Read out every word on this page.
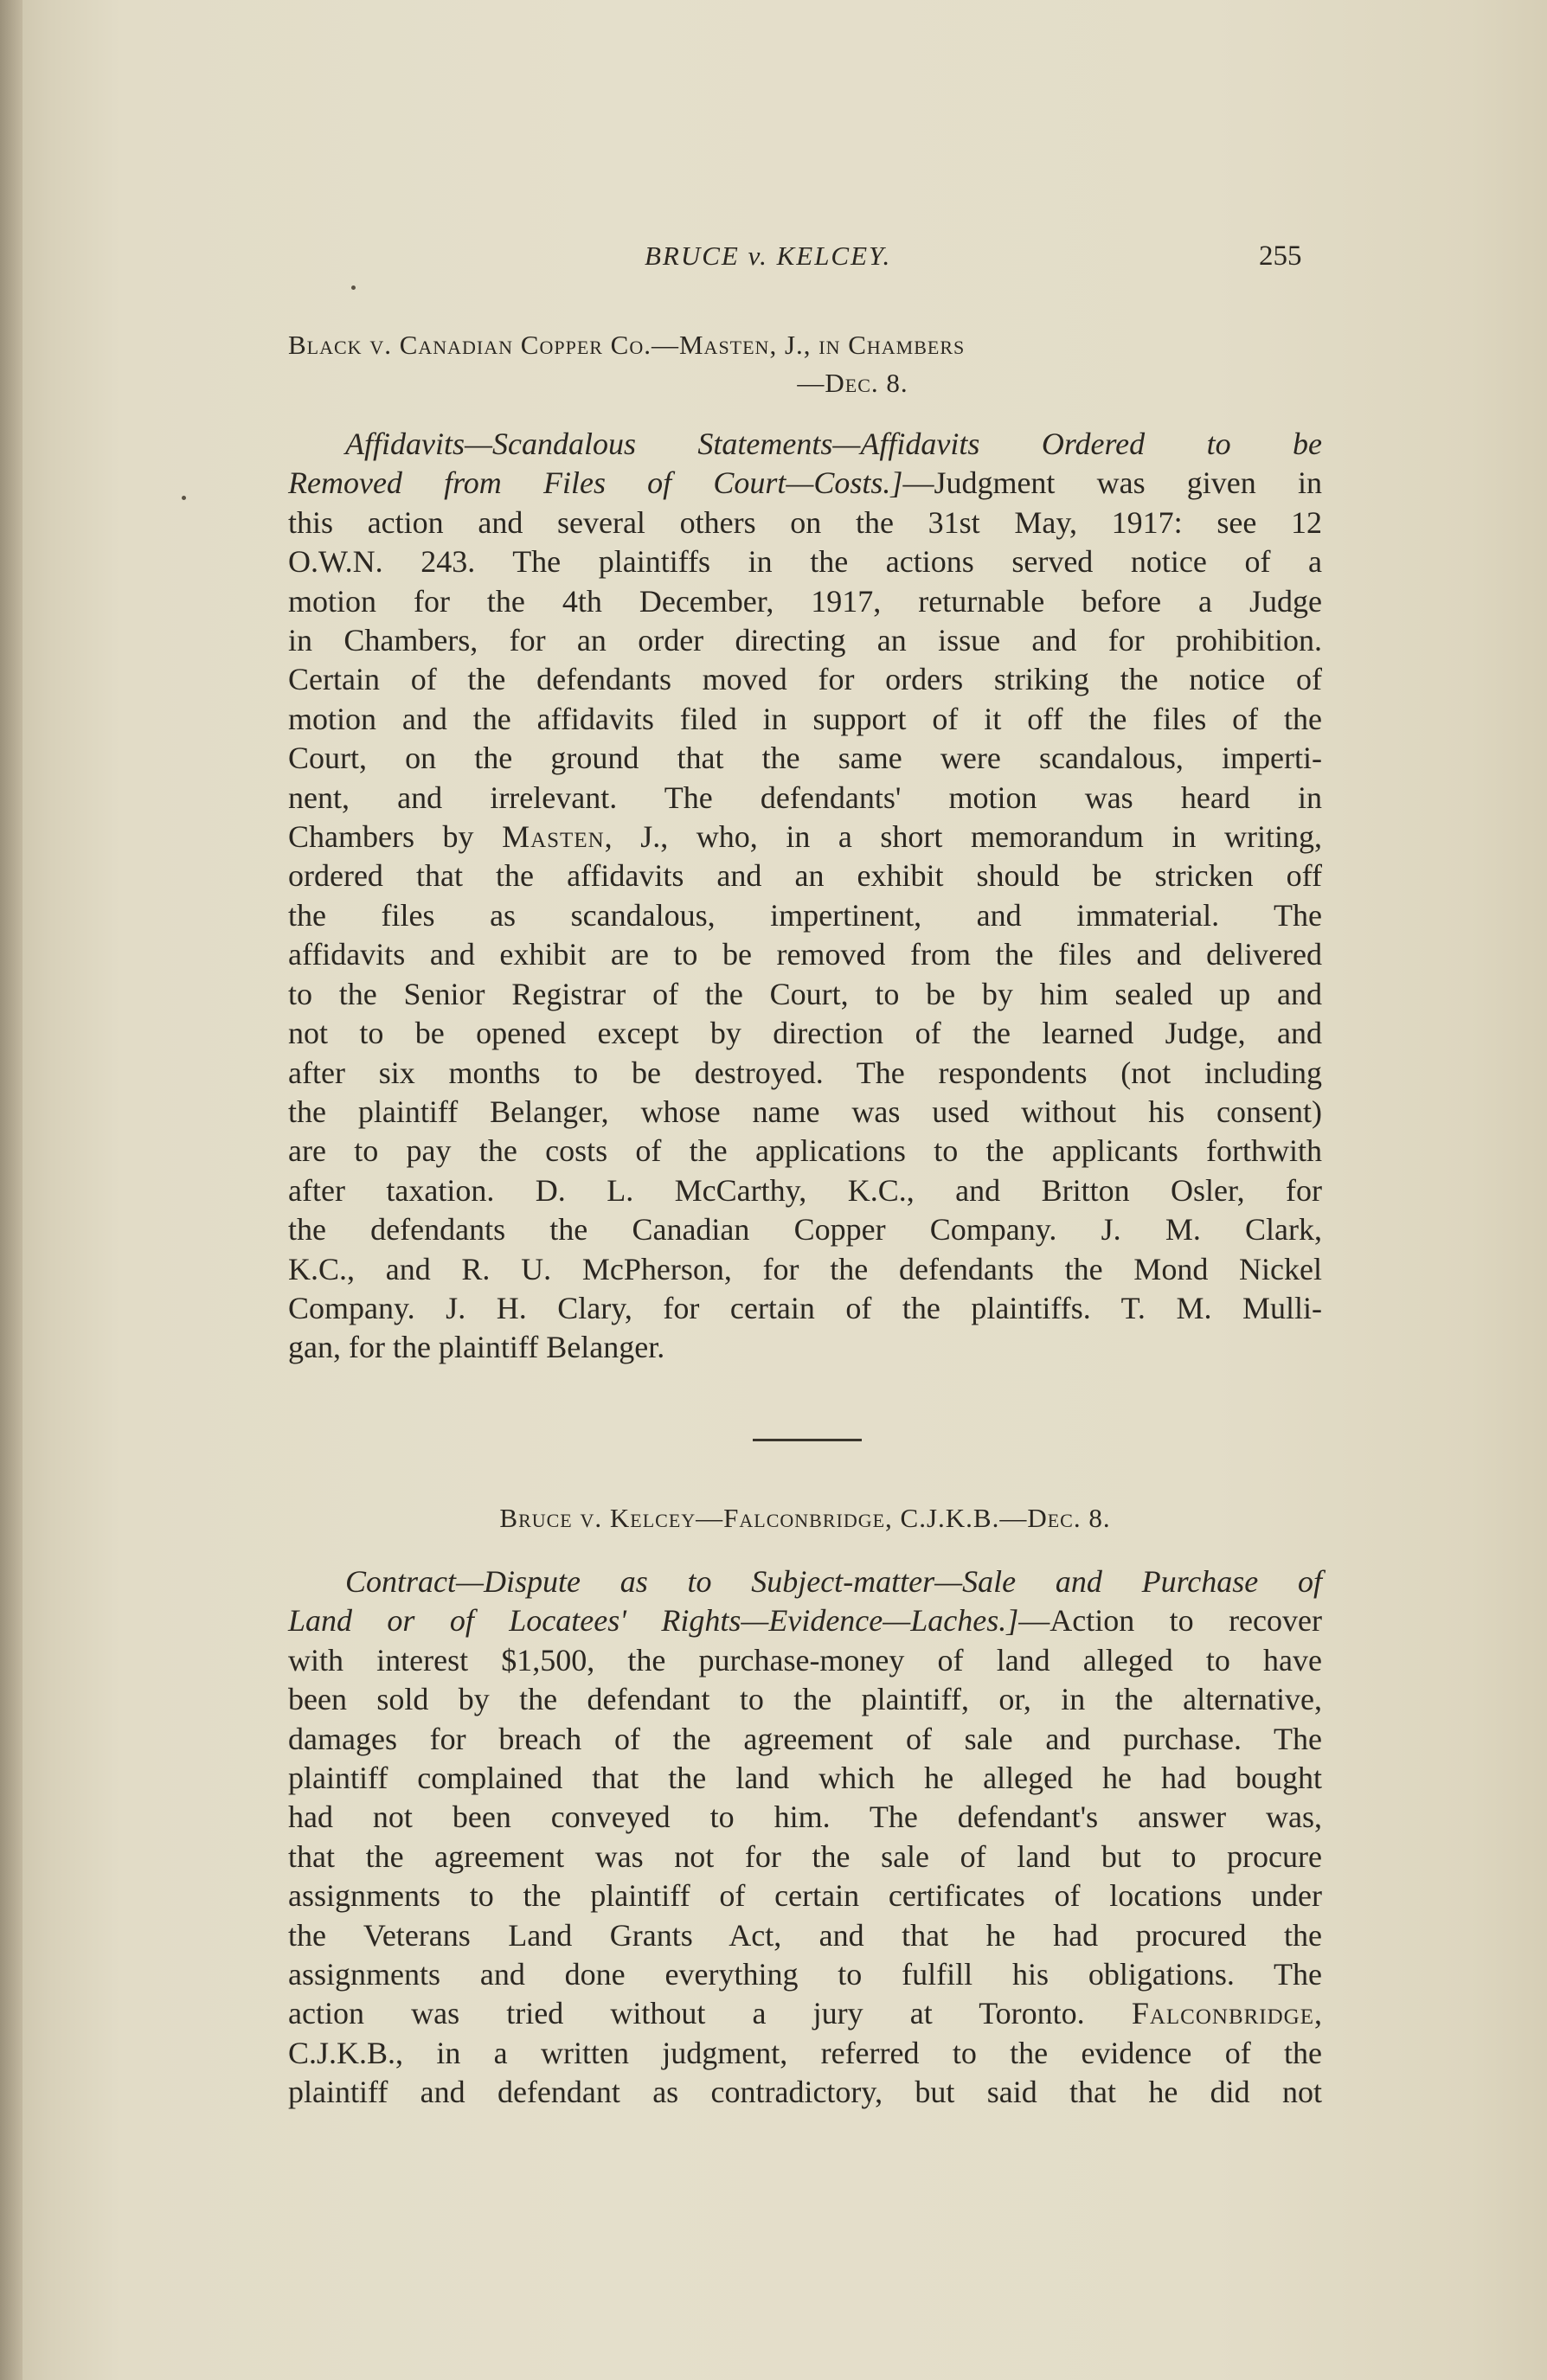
BRUCE v. KELCEY.	255
Black v. Canadian Copper Co.—Masten, J., in Chambers
—Dec. 8.
Affidavits—Scandalous Statements—Affidavits Ordered to be
Removed from Files of Court—Costs.]—Judgment was given in
this action and several others on the 31st May, 1917: see 12
O.W.N. 243. The plaintiffs in the actions served notice of a
motion for the 4th December, 1917, returnable before a Judge
in Chambers, for an order directing an issue and for prohibition.
Certain of the defendants moved for orders striking the notice of
motion and the affidavits filed in support of it off the files of the
Court, on the ground that the same were scandalous, imperti-
nent, and irrelevant. The defendants' motion was heard in
Chambers by Masten, J., who, in a short memorandum in writing,
ordered that the affidavits and an exhibit should be stricken off
the files as scandalous, impertinent, and immaterial. The
affidavits and exhibit are to be removed from the files and delivered
to the Senior Registrar of the Court, to be by him sealed up and
not to be opened except by direction of the learned Judge, and
after six months to be destroyed. The respondents (not including
the plaintiff Belanger, whose name was used without his consent)
are to pay the costs of the applications to the applicants forthwith
after taxation. D. L. McCarthy, K.C., and Britton Osler, for
the defendants the Canadian Copper Company. J. M. Clark,
K.C., and R. U. McPherson, for the defendants the Mond Nickel
Company. J. H. Clary, for certain of the plaintiffs. T. M. Mulli-
gan, for the plaintiff Belanger.
Bruce v. Kelcey—Falconbridge, C.J.K.B.—Dec. 8.
Contract—Dispute as to Subject-matter—Sale and Purchase of
Land or of Locatees' Rights—Evidence—Laches.]—Action to recover
with interest $1,500, the purchase-money of land alleged to have
been sold by the defendant to the plaintiff, or, in the alternative,
damages for breach of the agreement of sale and purchase. The
plaintiff complained that the land which he alleged he had bought
had not been conveyed to him. The defendant's answer was,
that the agreement was not for the sale of land but to procure
assignments to the plaintiff of certain certificates of locations under
the Veterans Land Grants Act, and that he had procured the
assignments and done everything to fulfill his obligations. The
action was tried without a jury at Toronto. Falconbridge,
C.J.K.B., in a written judgment, referred to the evidence of the
plaintiff and defendant as contradictory, but said that he did not
